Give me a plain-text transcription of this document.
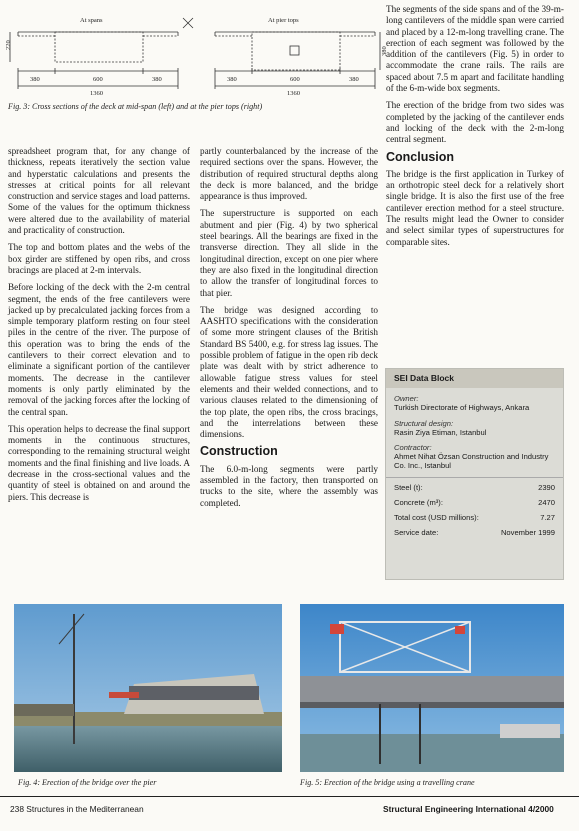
At spans	At pier tops
220
380
380	600	380
1360
380	600	380
1360
Fig. 3: Cross sections of the deck at mid-span (left) and at the pier tops (right)

spreadsheet program that, for any change of thickness, repeats iteratively the section value and hyperstatic calculations and presents the stresses at critical points for all relevant construction and service stages and load patterns. Some of the values for the optimum thickness were altered due to the availability of material and practicality of construction.

The top and bottom plates and the webs of the box girder are stiffened by open ribs, and cross bracings are placed at 2-m intervals.

Before locking of the deck with the 2-m central segment, the ends of the free cantilevers were jacked up by precalculated jacking forces from a simple temporary platform resting on four steel piles in the centre of the river. The purpose of this operation was to bring the ends of the cantilevers to their correct elevation and to eliminate a significant portion of the cantilever moments. The decrease in the cantilever moments is only partly eliminated by the removal of the jacking forces after the locking of the central span.

This operation helps to decrease the final support moments in the continuous structures, corresponding to the remaining structural weight moments and the final finishing and live loads. A decrease in the cross-sectional values and the quantity of steel is obtained on and around the piers. This decrease is

partly counterbalanced by the increase of the required sections over the spans. However, the distribution of required structural depths along the deck is more balanced, and the bridge appearance is thus improved.

The superstructure is supported on each abutment and pier (Fig. 4) by two spherical steel bearings. All the bearings are fixed in the transverse direction. They all slide in the longitudinal direction, except on one pier where they are also fixed in the longitudinal direction to allow the transfer of longitudinal forces to that pier.

The bridge was designed according to AASHTO specifications with the consideration of some more stringent clauses of the British Standard BS 5400, e.g. for stress lag issues. The possible problem of fatigue in the open rib deck plate was dealt with by strict adherence to allowable fatigue stress values for steel elements and their welded connections, and to various clauses related to the dimensioning of the top plate, the open ribs, the cross bracings, and the interrelations between these dimensions.

Construction

The 6.0-m-long segments were partly assembled in the factory, then transported on trucks to the site, where the assembly was completed.

The segments of the side spans and of the 39-m-long cantilevers of the middle span were carried and placed by a 12-m-long travelling crane. The erection of each segment was followed by the addition of the cantilevers (Fig. 5) in order to accommodate the crane rails. The rails are spaced about 7.5 m apart and facilitate handling of the 6-m-wide box segments.

The erection of the bridge from two sides was completed by the jacking of the cantilever ends and locking of the deck with the 2-m-long central segment.

Conclusion

The bridge is the first application in Turkey of an orthotropic steel deck for a relatively short single bridge. It is also the first use of the free cantilever erection method for a steel structure. The results might lead the Owner to consider and select similar types of superstructures for comparable sites.

SEI Data Block
Owner:
Turkish Directorate of Highways, Ankara
Structural design:
Rasin Ziya Etiman, Istanbul
Contractor:
Ahmet Nihat Özsan Construction and Industry Co. Inc., Istanbul
Steel (t):	2390
Concrete (m³):	2470
Total cost (USD millions):	7.27
Service date:	November 1999
Fig. 4: Erection of the bridge over the pier	Fig. 5: Erection of the bridge using a travelling crane
238 Structures in the Mediterranean	Structural Engineering International 4/2000
